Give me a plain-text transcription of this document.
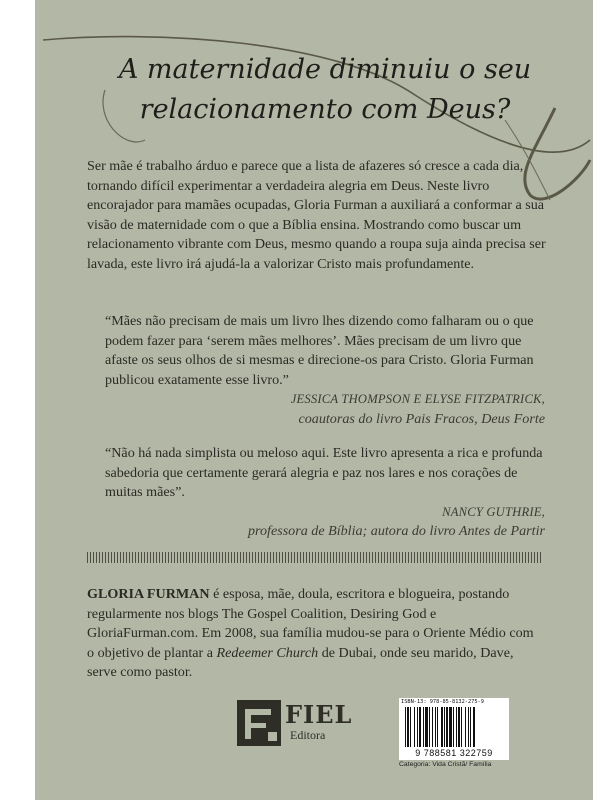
A maternidade diminuiu o seu
relacionamento com Deus?
Ser mãe é trabalho árduo e parece que a lista de afazeres só cresce a cada dia, tornando difícil experimentar a verdadeira alegria em Deus. Neste livro encorajador para mamães ocupadas, Gloria Furman a auxiliará a conformar a sua visão de maternidade com o que a Bíblia ensina. Mostrando como buscar um relacionamento vibrante com Deus, mesmo quando a roupa suja ainda precisa ser lavada, este livro irá ajudá-la a valorizar Cristo mais profundamente.

“Mães não precisam de mais um livro lhes dizendo como falharam ou o que podem fazer para ‘serem mães melhores’. Mães precisam de um livro que afaste os seus olhos de si mesmas e direcione-os para Cristo. Gloria Furman publicou exatamente esse livro.”

JESSICA THOMPSON E ELYSE FITZPATRICK,
coautoras do livro Pais Fracos, Deus Forte

“Não há nada simplista ou meloso aqui. Este livro apresenta a rica e profunda sabedoria que certamente gerará alegria e paz nos lares e nos corações de muitas mães”.

NANCY GUTHRIE,
professora de Bíblia; autora do livro Antes de Partir

GLORIA FURMAN é esposa, mãe, doula, escritora e blogueira, postando regularmente nos blogs The Gospel Coalition, Desiring God e GloriaFurman.com. Em 2008, sua família mudou-se para o Oriente Médio com o objetivo de plantar a Redeemer Church de Dubai, onde seu marido, Dave, serve como pastor.
FIEL
Editora
ISBN-13: 978-85-8132-275-9
9 788581 322759
Categoria: Vida Cristã/ Família
